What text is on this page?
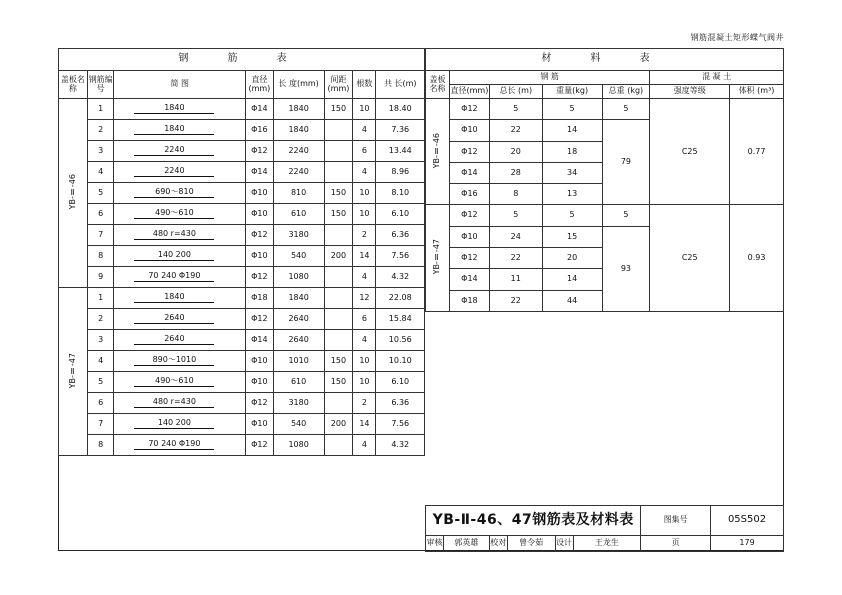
钢筋混凝土矩形蝶气阀井
钢 筋 表							
盖板名称	钢筋编号	简 图	直径(mm)	长 度(mm)	间距(mm)	根数	共 长(m)
YB-Ⅱ-46	1	1840	Φ14	1840	150	10	18.40
	2	1840	Φ16	1840		4	7.36
	3	2240	Φ12	2240		6	13.44
	4	2240	Φ14	2240		4	8.96
	5	690～810	Φ10	810	150	10	8.10
	6	490～610	Φ10	610	150	10	6.10
	7	480 r=430	Φ12	3180		2	6.36
	8	140 200	Φ10	540	200	14	7.56
	9	70 240 Φ190	Φ12	1080		4	4.32
YB-Ⅱ-47	1	1840	Φ18	1840		12	22.08
	2	2640	Φ12	2640		6	15.84
	3	2640	Φ14	2640		4	10.56
	4	890～1010	Φ10	1010	150	10	10.10
	5	490～610	Φ10	610	150	10	6.10
	6	480 r=430	Φ12	3180		2	6.36
	7	140 200	Φ10	540	200	14	7.56
	8	70 240 Φ190	Φ12	1080		4	4.32

材 料 表						
盖板名称	钢 筋				混 凝 土	
	直径(mm)	总长 (m)	重量(kg)	总重 (kg)	强度等级	体积 (m³)
YB-Ⅱ-46	Φ12	5	5	5	C25	0.77
	Φ10	22	14	79		
	Φ12	20	18			
	Φ14	28	34			
	Φ16	8	13			
YB-Ⅱ-47	Φ12	5	5	5	C25	0.93
	Φ10	24	15	93		
	Φ12	22	20			
	Φ14	11	14			
	Φ18	22	44			
YB-Ⅱ-46、47钢筋表及材料表						图集号	05S502
审核	郭英雄	校对	曾令茹	设计	王龙生	页	179
